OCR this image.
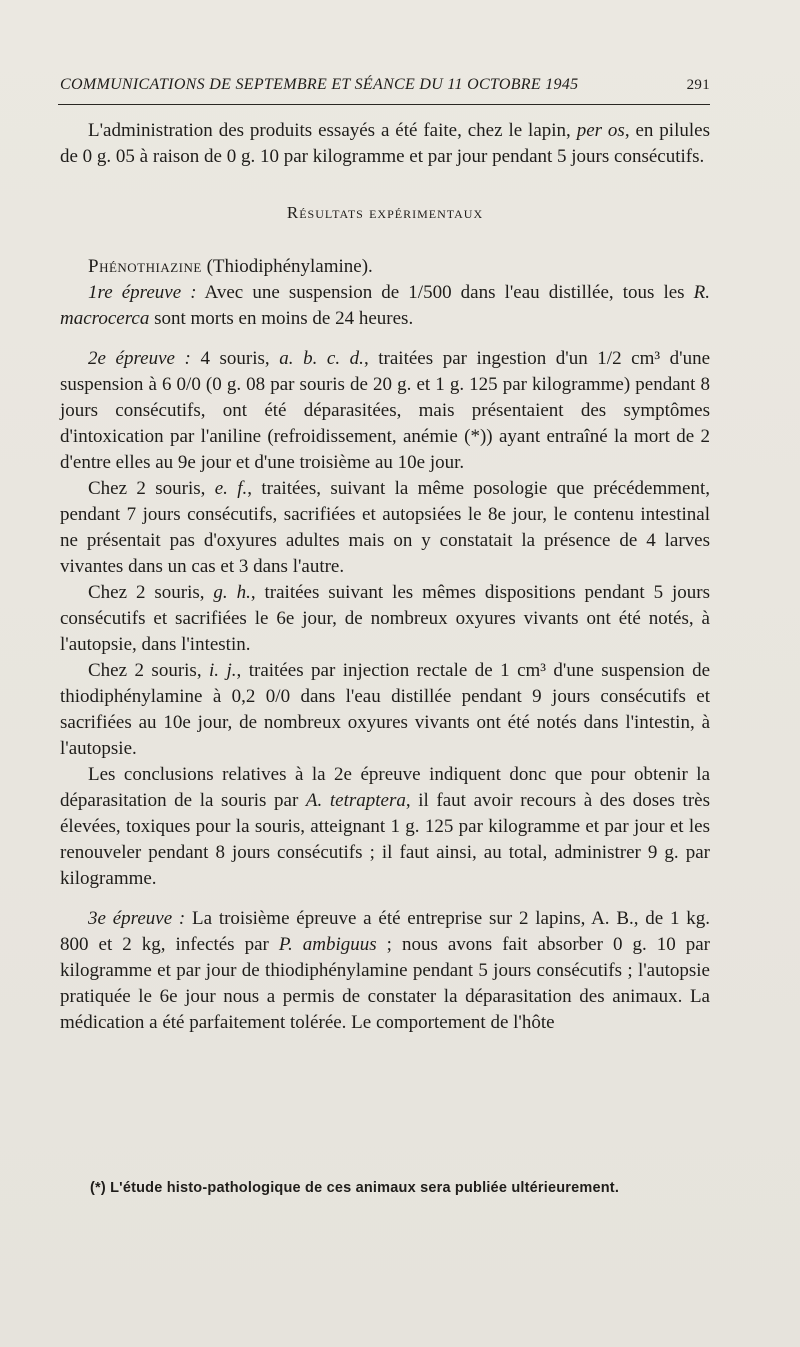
COMMUNICATIONS DE SEPTEMBRE ET SÉANCE DU 11 OCTOBRE 1945	291

L'administration des produits essayés a été faite, chez le lapin, per os, en pilules de 0 g. 05 à raison de 0 g. 10 par kilogramme et par jour pendant 5 jours consécutifs.

Résultats expérimentaux

Phénothiazine (Thiodiphénylamine).

1re épreuve : Avec une suspension de 1/500 dans l'eau distillée, tous les R. macrocerca sont morts en moins de 24 heures.

2e épreuve : 4 souris, a. b. c. d., traitées par ingestion d'un 1/2 cm³ d'une suspension à 6 0/0 (0 g. 08 par souris de 20 g. et 1 g. 125 par kilogramme) pendant 8 jours consécutifs, ont été déparasitées, mais présentaient des symptômes d'intoxication par l'aniline (refroidissement, anémie (*)) ayant entraîné la mort de 2 d'entre elles au 9e jour et d'une troisième au 10e jour.

Chez 2 souris, e. f., traitées, suivant la même posologie que précédemment, pendant 7 jours consécutifs, sacrifiées et autopsiées le 8e jour, le contenu intestinal ne présentait pas d'oxyures adultes mais on y constatait la présence de 4 larves vivantes dans un cas et 3 dans l'autre.

Chez 2 souris, g. h., traitées suivant les mêmes dispositions pendant 5 jours consécutifs et sacrifiées le 6e jour, de nombreux oxyures vivants ont été notés, à l'autopsie, dans l'intestin.

Chez 2 souris, i. j., traitées par injection rectale de 1 cm³ d'une suspension de thiodiphénylamine à 0,2 0/0 dans l'eau distillée pendant 9 jours consécutifs et sacrifiées au 10e jour, de nombreux oxyures vivants ont été notés dans l'intestin, à l'autopsie.

Les conclusions relatives à la 2e épreuve indiquent donc que pour obtenir la déparasitation de la souris par A. tetraptera, il faut avoir recours à des doses très élevées, toxiques pour la souris, atteignant 1 g. 125 par kilogramme et par jour et les renouveler pendant 8 jours consécutifs ; il faut ainsi, au total, administrer 9 g. par kilogramme.

3e épreuve : La troisième épreuve a été entreprise sur 2 lapins, A. B., de 1 kg. 800 et 2 kg, infectés par P. ambiguus ; nous avons fait absorber 0 g. 10 par kilogramme et par jour de thiodiphénylamine pendant 5 jours consécutifs ; l'autopsie pratiquée le 6e jour nous a permis de constater la déparasitation des animaux. La médication a été parfaitement tolérée. Le comportement de l'hôte

(*) L'étude histo-pathologique de ces animaux sera publiée ultérieurement.
